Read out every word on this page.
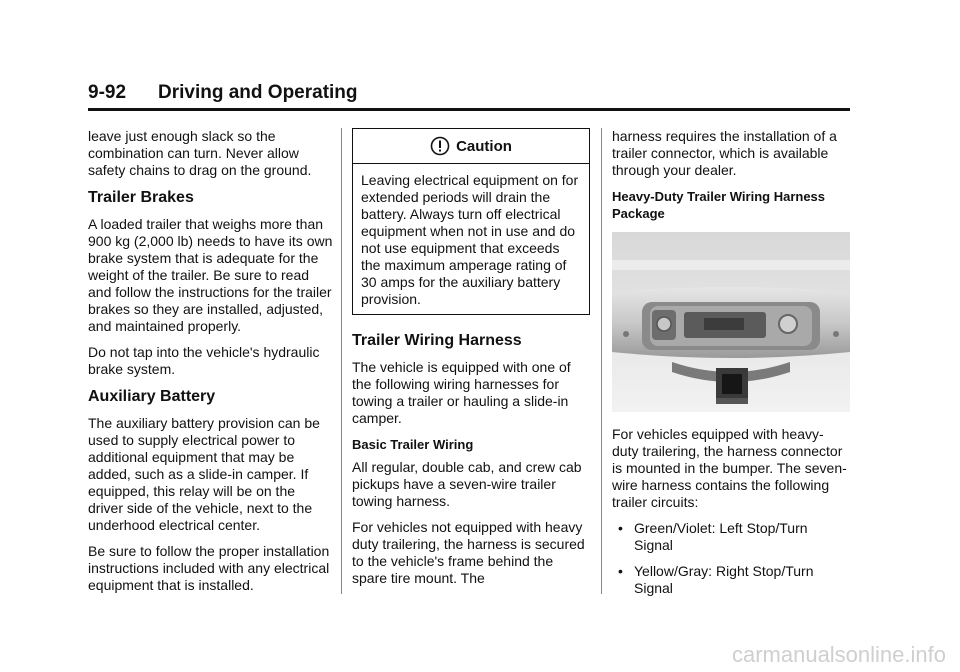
9-92 Driving and Operating

leave just enough slack so the combination can turn. Never allow safety chains to drag on the ground.

Trailer Brakes

A loaded trailer that weighs more than 900 kg (2,000 lb) needs to have its own brake system that is adequate for the weight of the trailer. Be sure to read and follow the instructions for the trailer brakes so they are installed, adjusted, and maintained properly.

Do not tap into the vehicle's hydraulic brake system.

Auxiliary Battery

The auxiliary battery provision can be used to supply electrical power to additional equipment that may be added, such as a slide-in camper. If equipped, this relay will be on the driver side of the vehicle, next to the underhood electrical center.

Be sure to follow the proper installation instructions included with any electrical equipment that is installed.

Caution
Leaving electrical equipment on for extended periods will drain the battery. Always turn off electrical equipment when not in use and do not use equipment that exceeds the maximum amperage rating of 30 amps for the auxiliary battery provision.
Trailer Wiring Harness

The vehicle is equipped with one of the following wiring harnesses for towing a trailer or hauling a slide-in camper.

Basic Trailer Wiring

All regular, double cab, and crew cab pickups have a seven-wire trailer towing harness.

For vehicles not equipped with heavy duty trailering, the harness is secured to the vehicle's frame behind the spare tire mount. The

harness requires the installation of a trailer connector, which is available through your dealer.

Heavy-Duty Trailer Wiring Harness Package

For vehicles equipped with heavy-duty trailering, the harness connector is mounted in the bumper. The seven-wire harness contains the following trailer circuits:

• Green/Violet: Left Stop/Turn Signal
• Yellow/Gray: Right Stop/Turn Signal
carmanualsonline.info
